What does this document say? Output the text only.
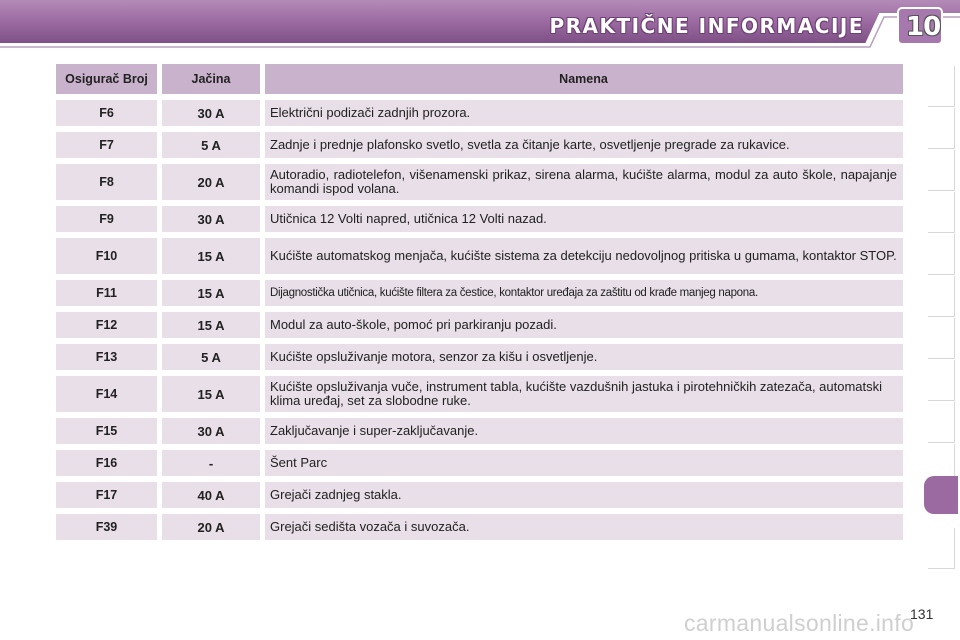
PRAKTIČNE INFORMACIJE 10
Osigurač Broj	Jačina	Namena
F6	30 A	Električni podizači zadnjih prozora.
F7	5 A	Zadnje i prednje plafonsko svetlo, svetla za čitanje karte, osvetljenje pregrade za rukavice.
F8	20 A	Autoradio, radiotelefon, višenamenski prikaz, sirena alarma, kućište alarma, modul za auto škole, napajanje komandi ispod volana.
F9	30 A	Utičnica 12 Volti napred, utičnica 12 Volti nazad.
F10	15 A	Kućište automatskog menjača, kućište sistema za detekciju nedovoljnog pritiska u gumama, kontaktor STOP.
F11	15 A	Dijagnostička utičnica, kućište filtera za čestice, kontaktor uređaja za zaštitu od krađe manjeg napona.
F12	15 A	Modul za auto-škole, pomoć pri parkiranju pozadi.
F13	5 A	Kućište opsluživanje motora, senzor za kišu i osvetljenje.
F14	15 A	Kućište opsluživanja vuče, instrument tabla, kućište vazdušnih jastuka i pirotehničkih zatezača, automatski klima uređaj, set za slobodne ruke.
F15	30 A	Zaključavanje i super-zaključavanje.
F16	-	Šent Parc
F17	40 A	Grejači zadnjeg stakla.
F39	20 A	Grejači sedišta vozača i suvozača.
carmanualsonline.info
131
